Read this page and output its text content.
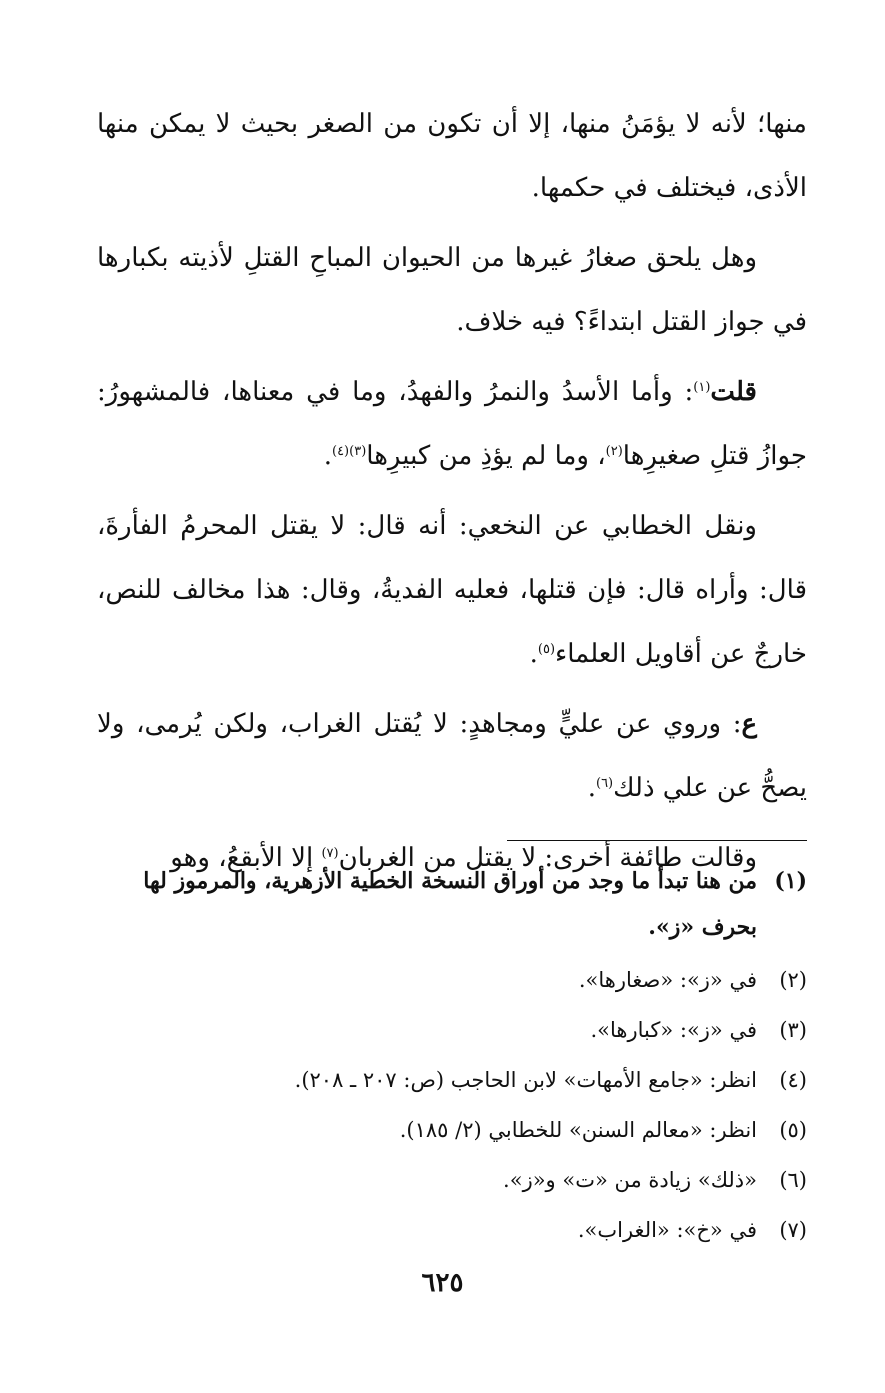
منها؛ لأنه لا يؤمَنُ منها، إلا أن تكون من الصغر بحيث لا يمكن منها الأذى، فيختلف في حكمها.

وهل يلحق صغارُ غيرها من الحيوان المباحِ القتلِ لأذيته بكبارها في جواز القتل ابتداءً؟ فيه خلاف.

قلت$^{(١)}$: وأما الأسدُ والنمرُ والفهدُ، وما في معناها، فالمشهورُ: جوازُ قتلِ صغيرِها$^{(٢)}$، وما لم يؤذِ من كبيرِها$^{(٣)(٤)}$.

ونقل الخطابي عن النخعي: أنه قال: لا يقتل المحرمُ الفأرةَ، قال: وأراه قال: فإن قتلها، فعليه الفديةُ، وقال: هذا مخالف للنص، خارجٌ عن أقاويل العلماء$^{(٥)}$.

ع: وروي عن عليٍّ ومجاهدٍ: لا يُقتل الغراب، ولكن يُرمى، ولا يصحُّ عن علي ذلك$^{(٦)}$.

وقالت طائفة أخرى: لا يقتل من الغربان$^{(٧)}$ إلا الأبقعُ، وهو

(١)
من هنا تبدأ ما وجد من أوراق النسخة الخطية الأزهرية، والمرموز لها بحرف «ز».
(٢)
في «ز»: «صغارها».
(٣)
في «ز»: «كبارها».
(٤)
انظر: «جامع الأمهات» لابن الحاجب (ص: ٢٠٧ ـ ٢٠٨).
(٥)
انظر: «معالم السنن» للخطابي (٢/ ١٨٥).
(٦)
«ذلك» زيادة من «ت» و«ز».
(٧)
في «خ»: «الغراب».
٦٢٥
